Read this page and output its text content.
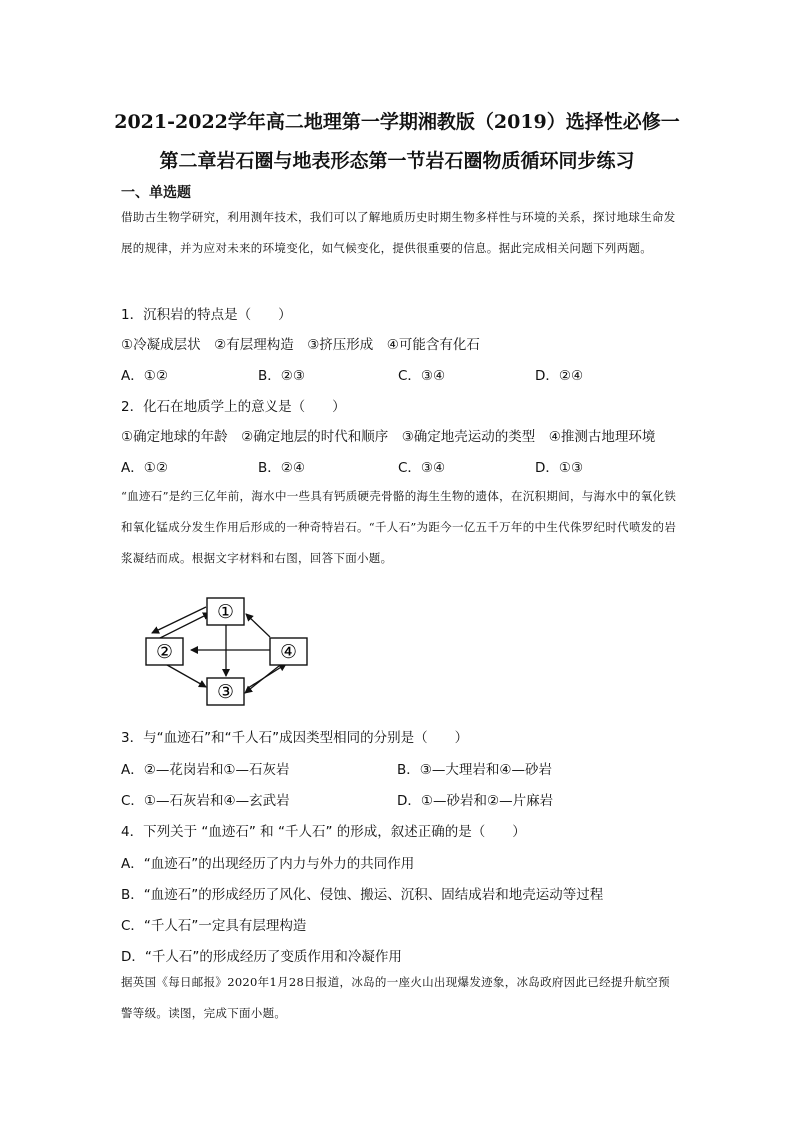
2021-2022学年高二地理第一学期湘教版（2019）选择性必修一
第二章岩石圈与地表形态第一节岩石圈物质循环同步练习
一、单选题
借助古生物学研究，利用测年技术，我们可以了解地质历史时期生物多样性与环境的关系，探讨地球生命发展的规律，并为应对未来的环境变化，如气候变化，提供很重要的信息。据此完成相关问题下列两题。
1．沉积岩的特点是（　　）
①冷凝成层状　②有层理构造　③挤压形成　④可能含有化石
A．①②	B．②③	C．③④	D．②④
2．化石在地质学上的意义是（　　）
①确定地球的年龄　②确定地层的时代和顺序　③确定地壳运动的类型　④推测古地理环境
A．①②	B．②④	C．③④	D．①③
“血迹石”是约三亿年前，海水中一些具有钙质硬壳骨骼的海生生物的遗体，在沉积期间，与海水中的氧化铁和氧化锰成分发生作用后形成的一种奇特岩石。“千人石”为距今一亿五千万年的中生代侏罗纪时代喷发的岩浆凝结而成。根据文字材料和右图，回答下面小题。
①
②	④
③
3．与“血迹石”和“千人石”成因类型相同的分别是（　　）
A．②—花岗岩和①—石灰岩	B．③—大理岩和④—砂岩
C．①—石灰岩和④—玄武岩	D．①—砂岩和②—片麻岩
4．下列关于 “血迹石” 和 “千人石” 的形成，叙述正确的是（　　）
A．“血迹石”的出现经历了内力与外力的共同作用
B．“血迹石”的形成经历了风化、侵蚀、搬运、沉积、固结成岩和地壳运动等过程
C．“千人石”一定具有层理构造
D．“千人石”的形成经历了变质作用和冷凝作用
据英国《每日邮报》2020年1月28日报道，冰岛的一座火山出现爆发迹象，冰岛政府因此已经提升航空预警等级。读图，完成下面小题。
